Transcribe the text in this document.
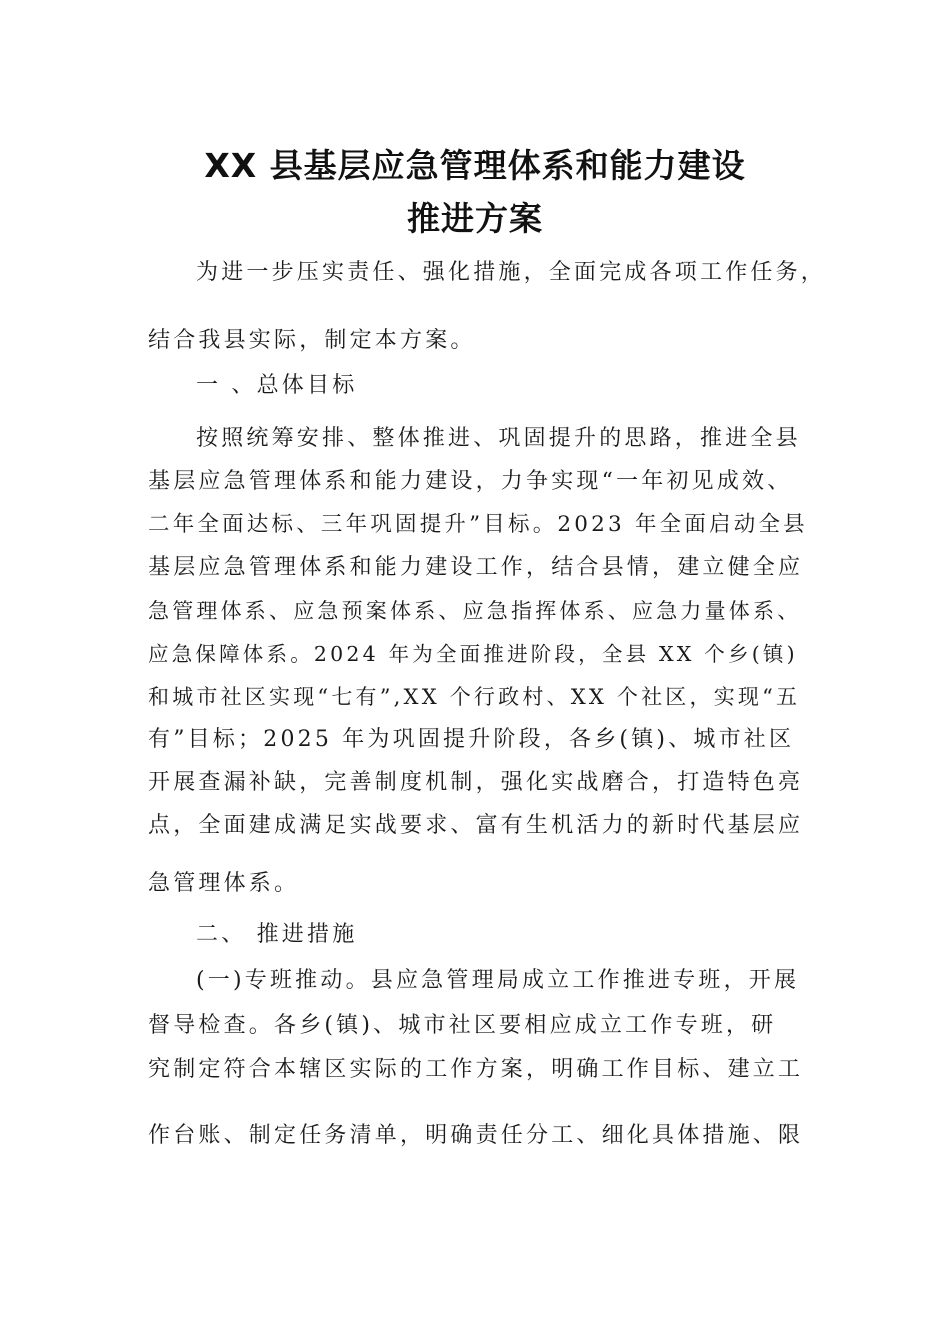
XX 县基层应急管理体系和能力建设
推进方案
为进一步压实责任、强化措施，全面完成各项工作任务，
结合我县实际，制定本方案。
一 、总体目标
按照统筹安排、整体推进、巩固提升的思路，推进全县
基层应急管理体系和能力建设，力争实现“一年初见成效、
二年全面达标、三年巩固提升”目标。2023 年全面启动全县
基层应急管理体系和能力建设工作，结合县情，建立健全应
急管理体系、应急预案体系、应急指挥体系、应急力量体系、
应急保障体系。2024 年为全面推进阶段，全县 XX 个乡(镇)
和城市社区实现“七有”,XX 个行政村、XX 个社区，实现“五
有”目标；2025 年为巩固提升阶段，各乡(镇)、城市社区
开展查漏补缺，完善制度机制，强化实战磨合，打造特色亮
点，全面建成满足实战要求、富有生机活力的新时代基层应
急管理体系。
二、 推进措施
(一)专班推动。县应急管理局成立工作推进专班，开展
督导检查。各乡(镇)、城市社区要相应成立工作专班，研
究制定符合本辖区实际的工作方案，明确工作目标、建立工
作台账、制定任务清单，明确责任分工、细化具体措施、限
